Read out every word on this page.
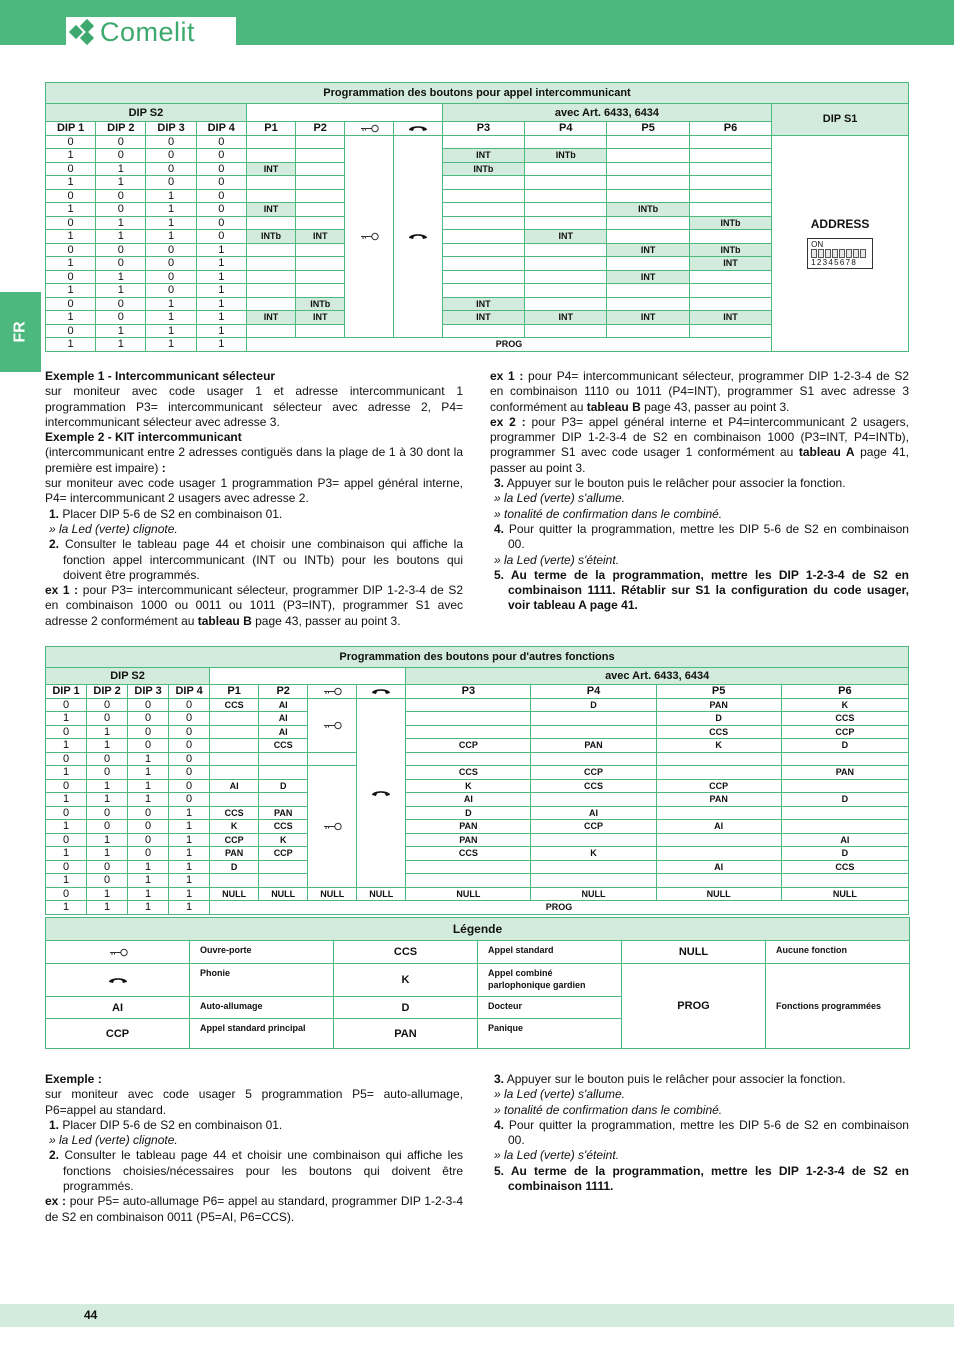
Comelit
FR
Programmation des boutons pour appel intercommunicant												
DIP S2								avec Art. 6433, 6434				DIP S1
DIP 1	DIP 2	DIP 3	DIP 4	P1	P2			P3	P4	P5	P6	
0	0	0	0									ADDRESS
ON
12345678

1	0	0	0					INT	INTb			
0	1	0	0	INT				INTb				
1	1	0	0									
0	0	1	0									
1	0	1	0	INT						INTb		
0	1	1	0								INTb	
1	1	1	0	INTb	INT				INT			
0	0	0	1							INT	INTb	
1	0	0	1								INT	
0	1	0	1							INT		
1	1	0	1									
0	0	1	1		INTb			INT				
1	0	1	1	INT	INT			INT	INT	INT	INT	
0	1	1	1									
1	1	1	1	PROG								

Exemple 1 - Intercommunicant sélecteur

sur moniteur avec code usager 1 et adresse intercommunicant 1 programmation P3= intercommunicant sélecteur avec adresse 2, P4= intercommunicant sélecteur avec adresse 3.

Exemple 2 - KIT intercommunicant

(intercommunicant entre 2 adresses contiguës dans la plage de 1 à 30 dont la première est impaire) :

sur moniteur avec code usager 1 programmation P3= appel général interne, P4= intercommunicant 2 usagers avec adresse 2.

1. Placer DIP 5-6 de S2 en combinaison 01.

» la Led (verte) clignote.

2. Consulter le tableau page 44 et choisir une combinaison qui affiche la fonction appel intercommunicant (INT ou INTb) pour les boutons qui doivent être programmés.

ex 1 : pour P3= intercommunicant sélecteur, programmer DIP 1-2-3-4 de S2 en combinaison 1000 ou 0011 ou 1011 (P3=INT), programmer S1 avec adresse 2 conformément au tableau B page 43, passer au point 3.

ex 1 : pour P4= intercommunicant sélecteur, programmer DIP 1-2-3-4 de S2 en combinaison 1110 ou 1011 (P4=INT), programmer S1 avec adresse 3 conformément au tableau B page 43, passer au point 3.

ex 2 : pour P3= appel général interne et P4=intercommunicant 2 usagers, programmer DIP 1-2-3-4 de S2 en combinaison 1000 (P3=INT, P4=INTb), programmer S1 avec code usager 1 conformément au tableau A page 41, passer au point 3.

3. Appuyer sur le bouton puis le relâcher pour associer la fonction.

» la Led (verte) s'allume.

» tonalité de confirmation dans le combiné.

4. Pour quitter la programmation, mettre les DIP 5-6 de S2 en combinaison 00.

» la Led (verte) s'éteint.

5. Au terme de la programmation, mettre les DIP 1-2-3-4 de S2 en combinaison 1111. Rétablir sur S1 la configuration du code usager, voir tableau A page 41.

Programmation des boutons pour d'autres fonctions											
DIP S2								avec Art. 6433, 6434			
DIP 1	DIP 2	DIP 3	DIP 4	P1	P2			P3	P4	P5	P6
0	0	0	0	CCS	AI				D	PAN	K
1	0	0	0		AI					D	CCS
0	1	0	0		AI					CCS	CCP
1	1	0	0		CCS			CCP	PAN	K	D
0	0	1	0								
1	0	1	0					CCS	CCP		PAN
0	1	1	0	AI	D			K	CCS	CCP	
1	1	1	0					AI		PAN	D
0	0	0	1	CCS	PAN			D	AI		
1	0	0	1	K	CCS			PAN	CCP	AI	
0	1	0	1	CCP	K			PAN			AI
1	1	0	1	PAN	CCP			CCS	K		D
0	0	1	1	D						AI	CCS
1	0	1	1								
0	1	1	1	NULL	NULL	NULL	NULL	NULL	NULL	NULL	NULL
1	1	1	1	PROG							
Légende					
	Ouvre-porte	CCS	Appel standard	NULL	Aucune fonction
	Phonie	K	Appel combiné parlophonique gardien	PROG	Fonctions programmées
AI	Auto-allumage	D	Docteur		
CCP	Appel standard principal	PAN	Panique		

Exemple :

sur moniteur avec code usager 5 programmation P5= auto-allumage, P6=appel au standard.

1. Placer DIP 5-6 de S2 en combinaison 01.

» la Led (verte) clignote.

2. Consulter le tableau page 44 et choisir une combinaison qui affiche les fonctions choisies/nécessaires pour les boutons qui doivent être programmés.

ex : pour P5= auto-allumage P6= appel au standard, programmer DIP 1-2-3-4 de S2 en combinaison 0011 (P5=AI, P6=CCS).

3. Appuyer sur le bouton puis le relâcher pour associer la fonction.

» la Led (verte) s'allume.

» tonalité de confirmation dans le combiné.

4. Pour quitter la programmation, mettre les DIP 5-6 de S2 en combinaison 00.

» la Led (verte) s'éteint.

5. Au terme de la programmation, mettre les DIP 1-2-3-4 de S2 en combinaison 1111.

44
